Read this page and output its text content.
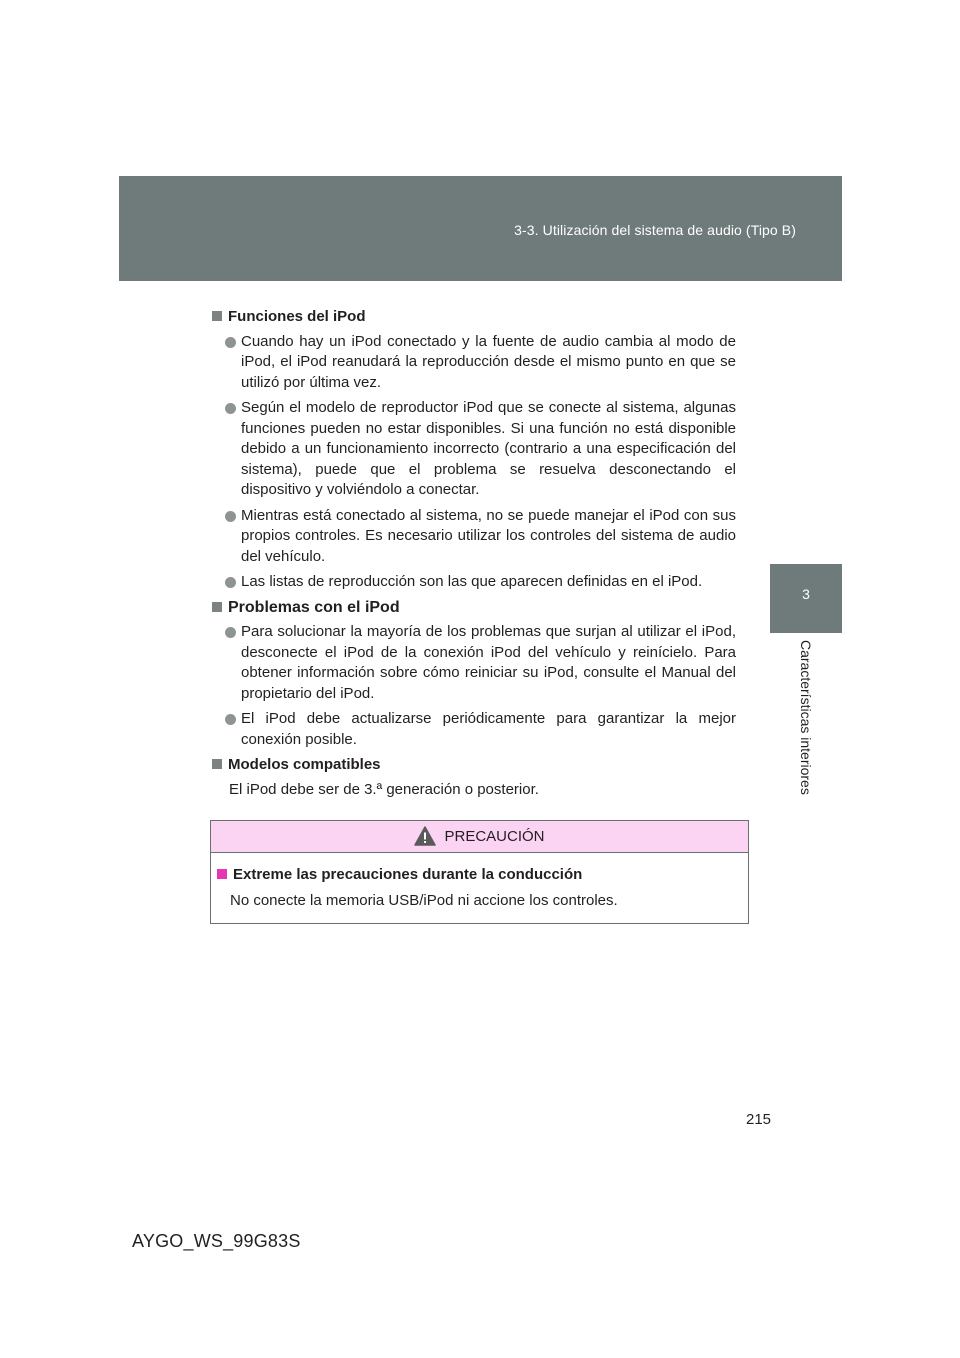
3-3. Utilización del sistema de audio (Tipo B)
3
Características interiores
Funciones del iPod

Cuando hay un iPod conectado y la fuente de audio cambia al modo de iPod, el iPod reanudará la reproducción desde el mismo punto en que se utilizó por última vez.

Según el modelo de reproductor iPod que se conecte al sistema, algunas funciones pueden no estar disponibles. Si una función no está disponible debido a un funcionamiento incorrecto (contrario a una especificación del sistema), puede que el problema se resuelva desconectando el dispositivo y volviéndolo a conectar.

Mientras está conectado al sistema, no se puede manejar el iPod con sus propios controles. Es necesario utilizar los controles del sistema de audio del vehículo.

Las listas de reproducción son las que aparecen definidas en el iPod.

Problemas con el iPod

Para solucionar la mayoría de los problemas que surjan al utilizar el iPod, desconecte el iPod de la conexión iPod del vehículo y reinícielo. Para obtener información sobre cómo reiniciar su iPod, consulte el Manual del propietario del iPod.

El iPod debe actualizarse periódicamente para garantizar la mejor conexión posible.

Modelos compatibles

El iPod debe ser de 3.ª generación o posterior.

PRECAUCIÓN
Extreme las precauciones durante la conducción
No conecte la memoria USB/iPod ni accione los controles.
215
AYGO_WS_99G83S
